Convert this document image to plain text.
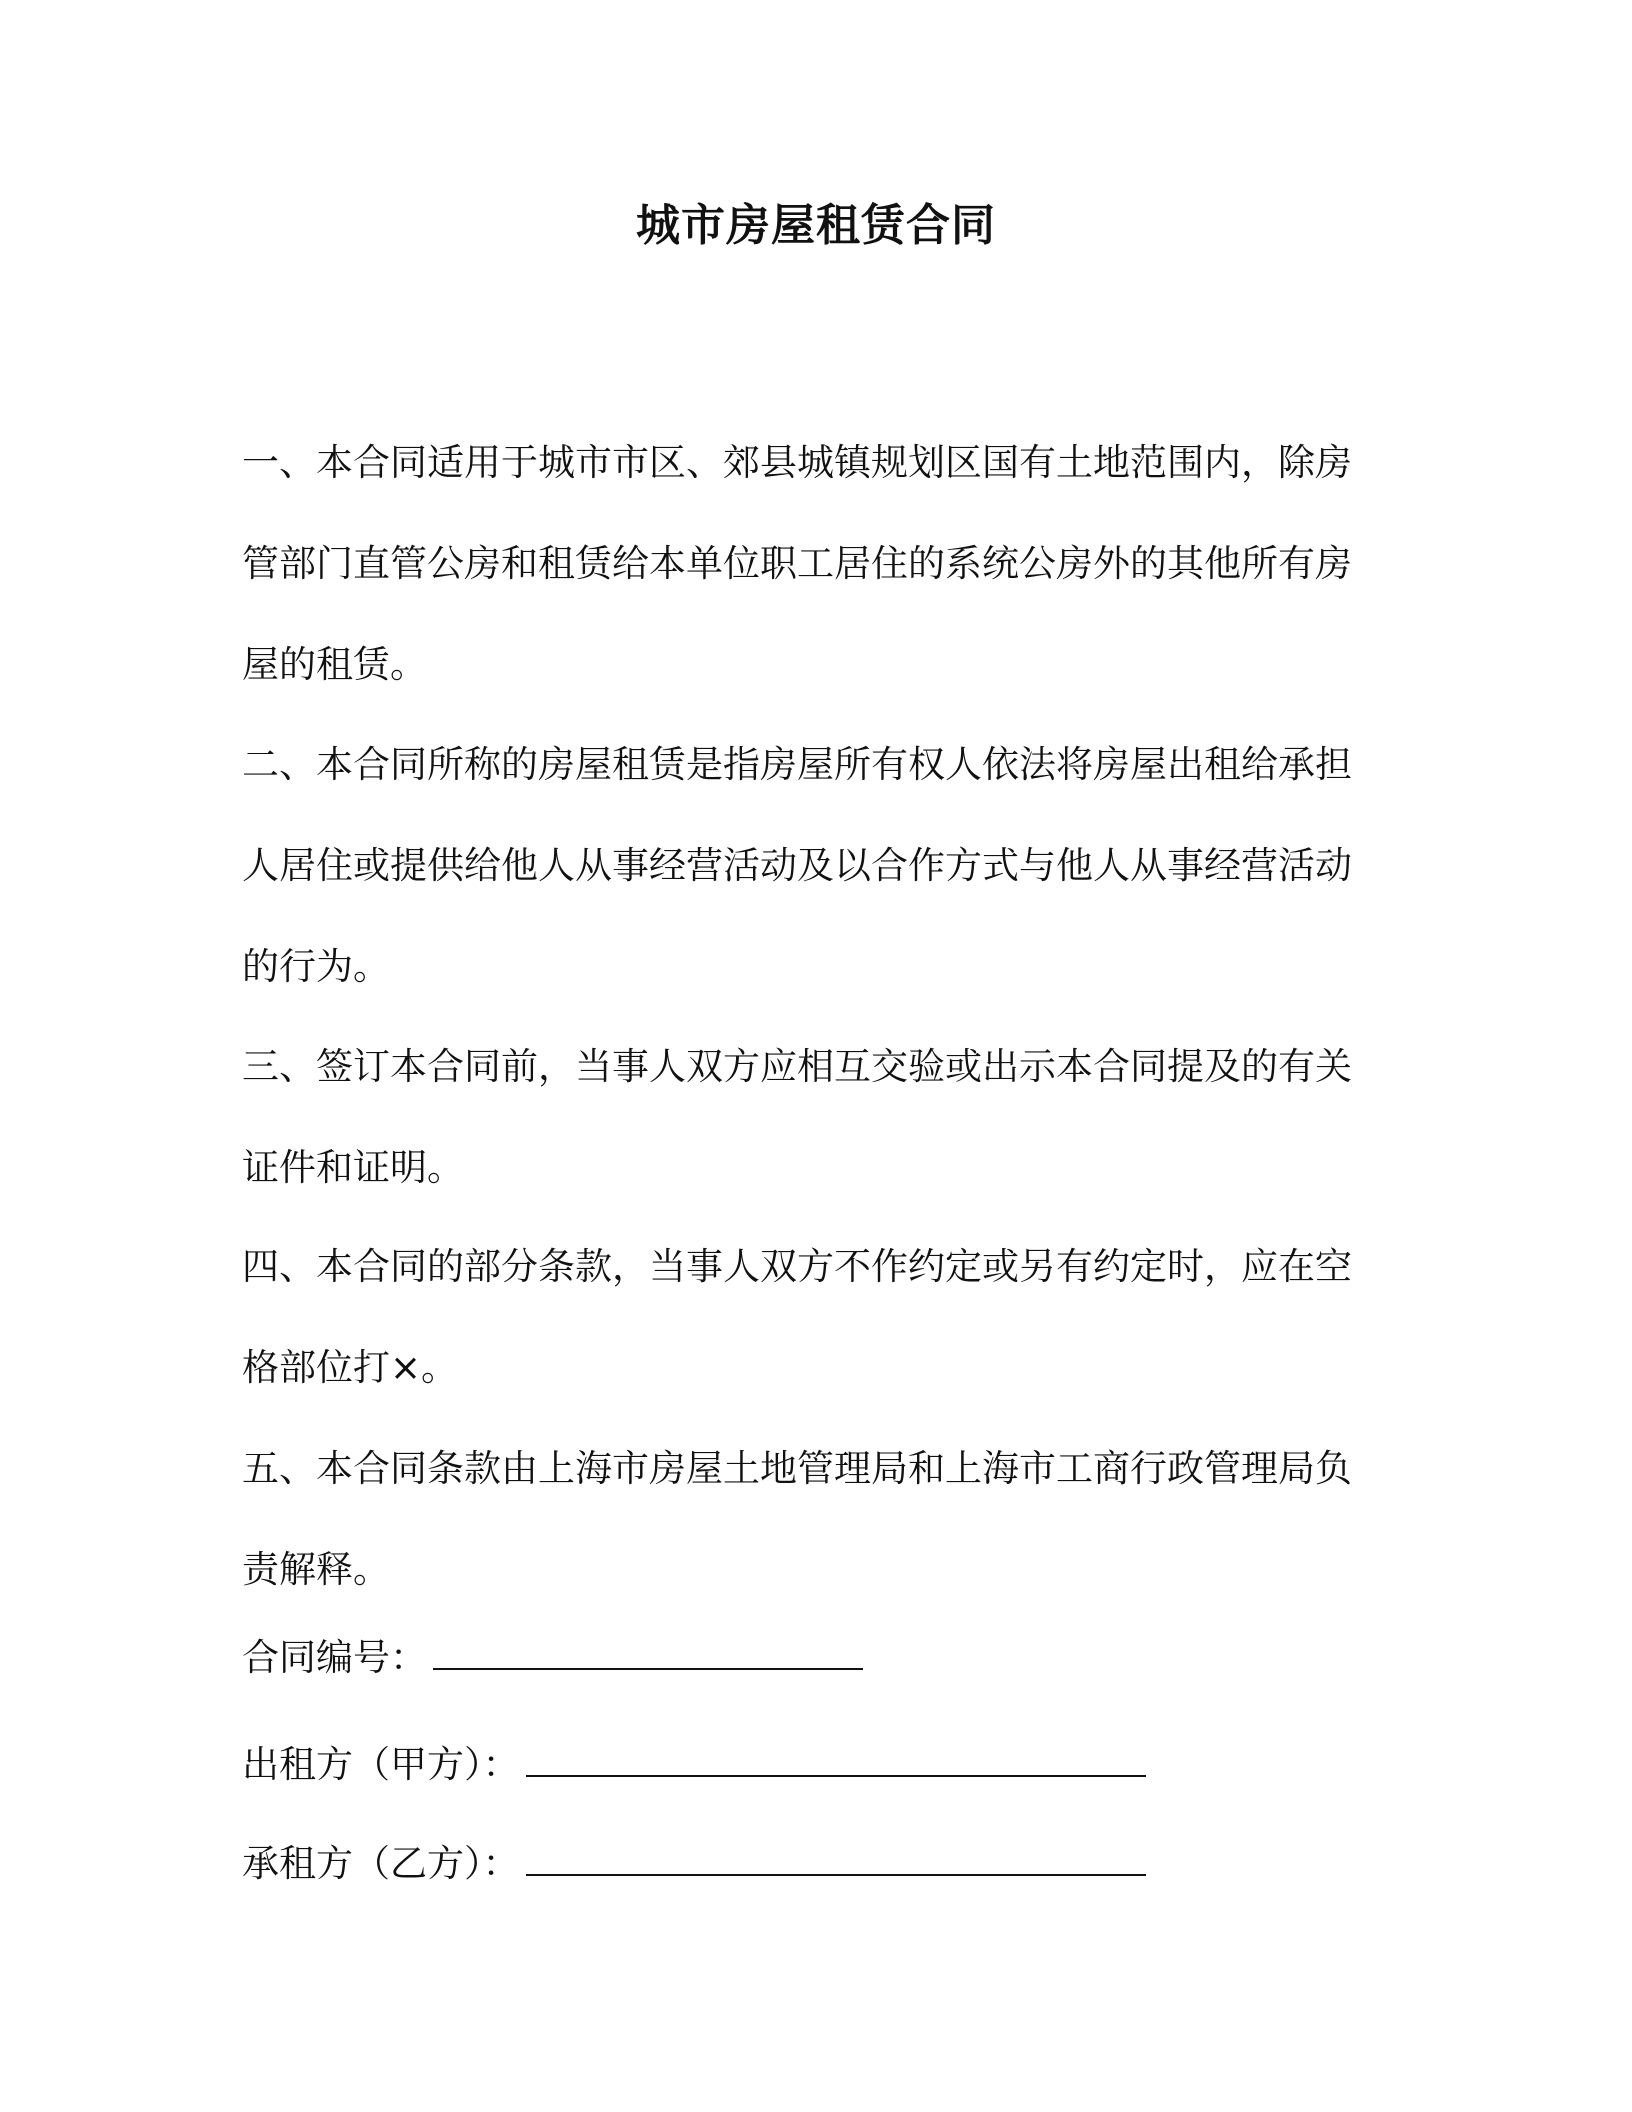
城市房屋租赁合同

一、本合同适用于城市市区、郊县城镇规划区国有土地范围内，除房管部门直管公房和租赁给本单位职工居住的系统公房外的其他所有房屋的租赁。

二、本合同所称的房屋租赁是指房屋所有权人依法将房屋出租给承担人居住或提供给他人从事经营活动及以合作方式与他人从事经营活动的行为。

三、签订本合同前，当事人双方应相互交验或出示本合同提及的有关证件和证明。

四、本合同的部分条款，当事人双方不作约定或另有约定时，应在空格部位打×。

五、本合同条款由上海市房屋土地管理局和上海市工商行政管理局负责解释。

合同编号：
出租方（甲方）：
承租方（乙方）：
